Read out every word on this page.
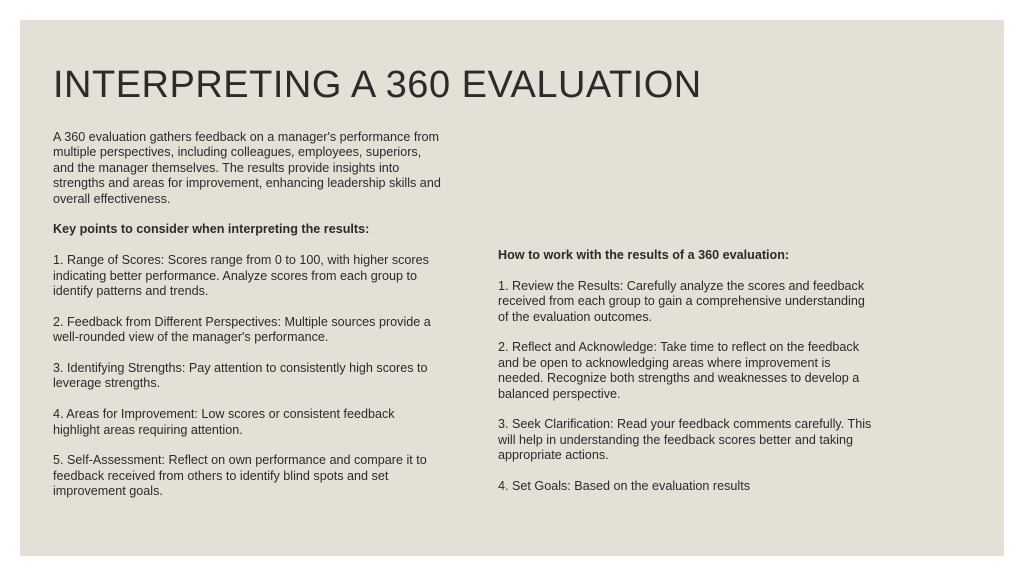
INTERPRETING A 360 EVALUATION

A 360 evaluation gathers feedback on a manager's performance from multiple perspectives, including colleagues, employees, superiors, and the manager themselves. The results provide insights into strengths and areas for improvement, enhancing leadership skills and overall effectiveness.

Key points to consider when interpreting the results:

1. Range of Scores: Scores range from 0 to 100, with higher scores indicating better performance. Analyze scores from each group to identify patterns and trends.

2. Feedback from Different Perspectives: Multiple sources provide a well-rounded view of the manager's performance.

3. Identifying Strengths: Pay attention to consistently high scores to leverage strengths.

4. Areas for Improvement: Low scores or consistent feedback highlight areas requiring attention.

5. Self-Assessment: Reflect on own performance and compare it to feedback received from others to identify blind spots and set improvement goals.

How to work with the results of a 360 evaluation:

1. Review the Results: Carefully analyze the scores and feedback received from each group to gain a comprehensive understanding of the evaluation outcomes.

2. Reflect and Acknowledge: Take time to reflect on the feedback and be open to acknowledging areas where improvement is needed. Recognize both strengths and weaknesses to develop a balanced perspective.

3. Seek Clarification: Read your feedback comments carefully. This will help in understanding the feedback scores better and taking appropriate actions.

4. Set Goals: Based on the evaluation results
